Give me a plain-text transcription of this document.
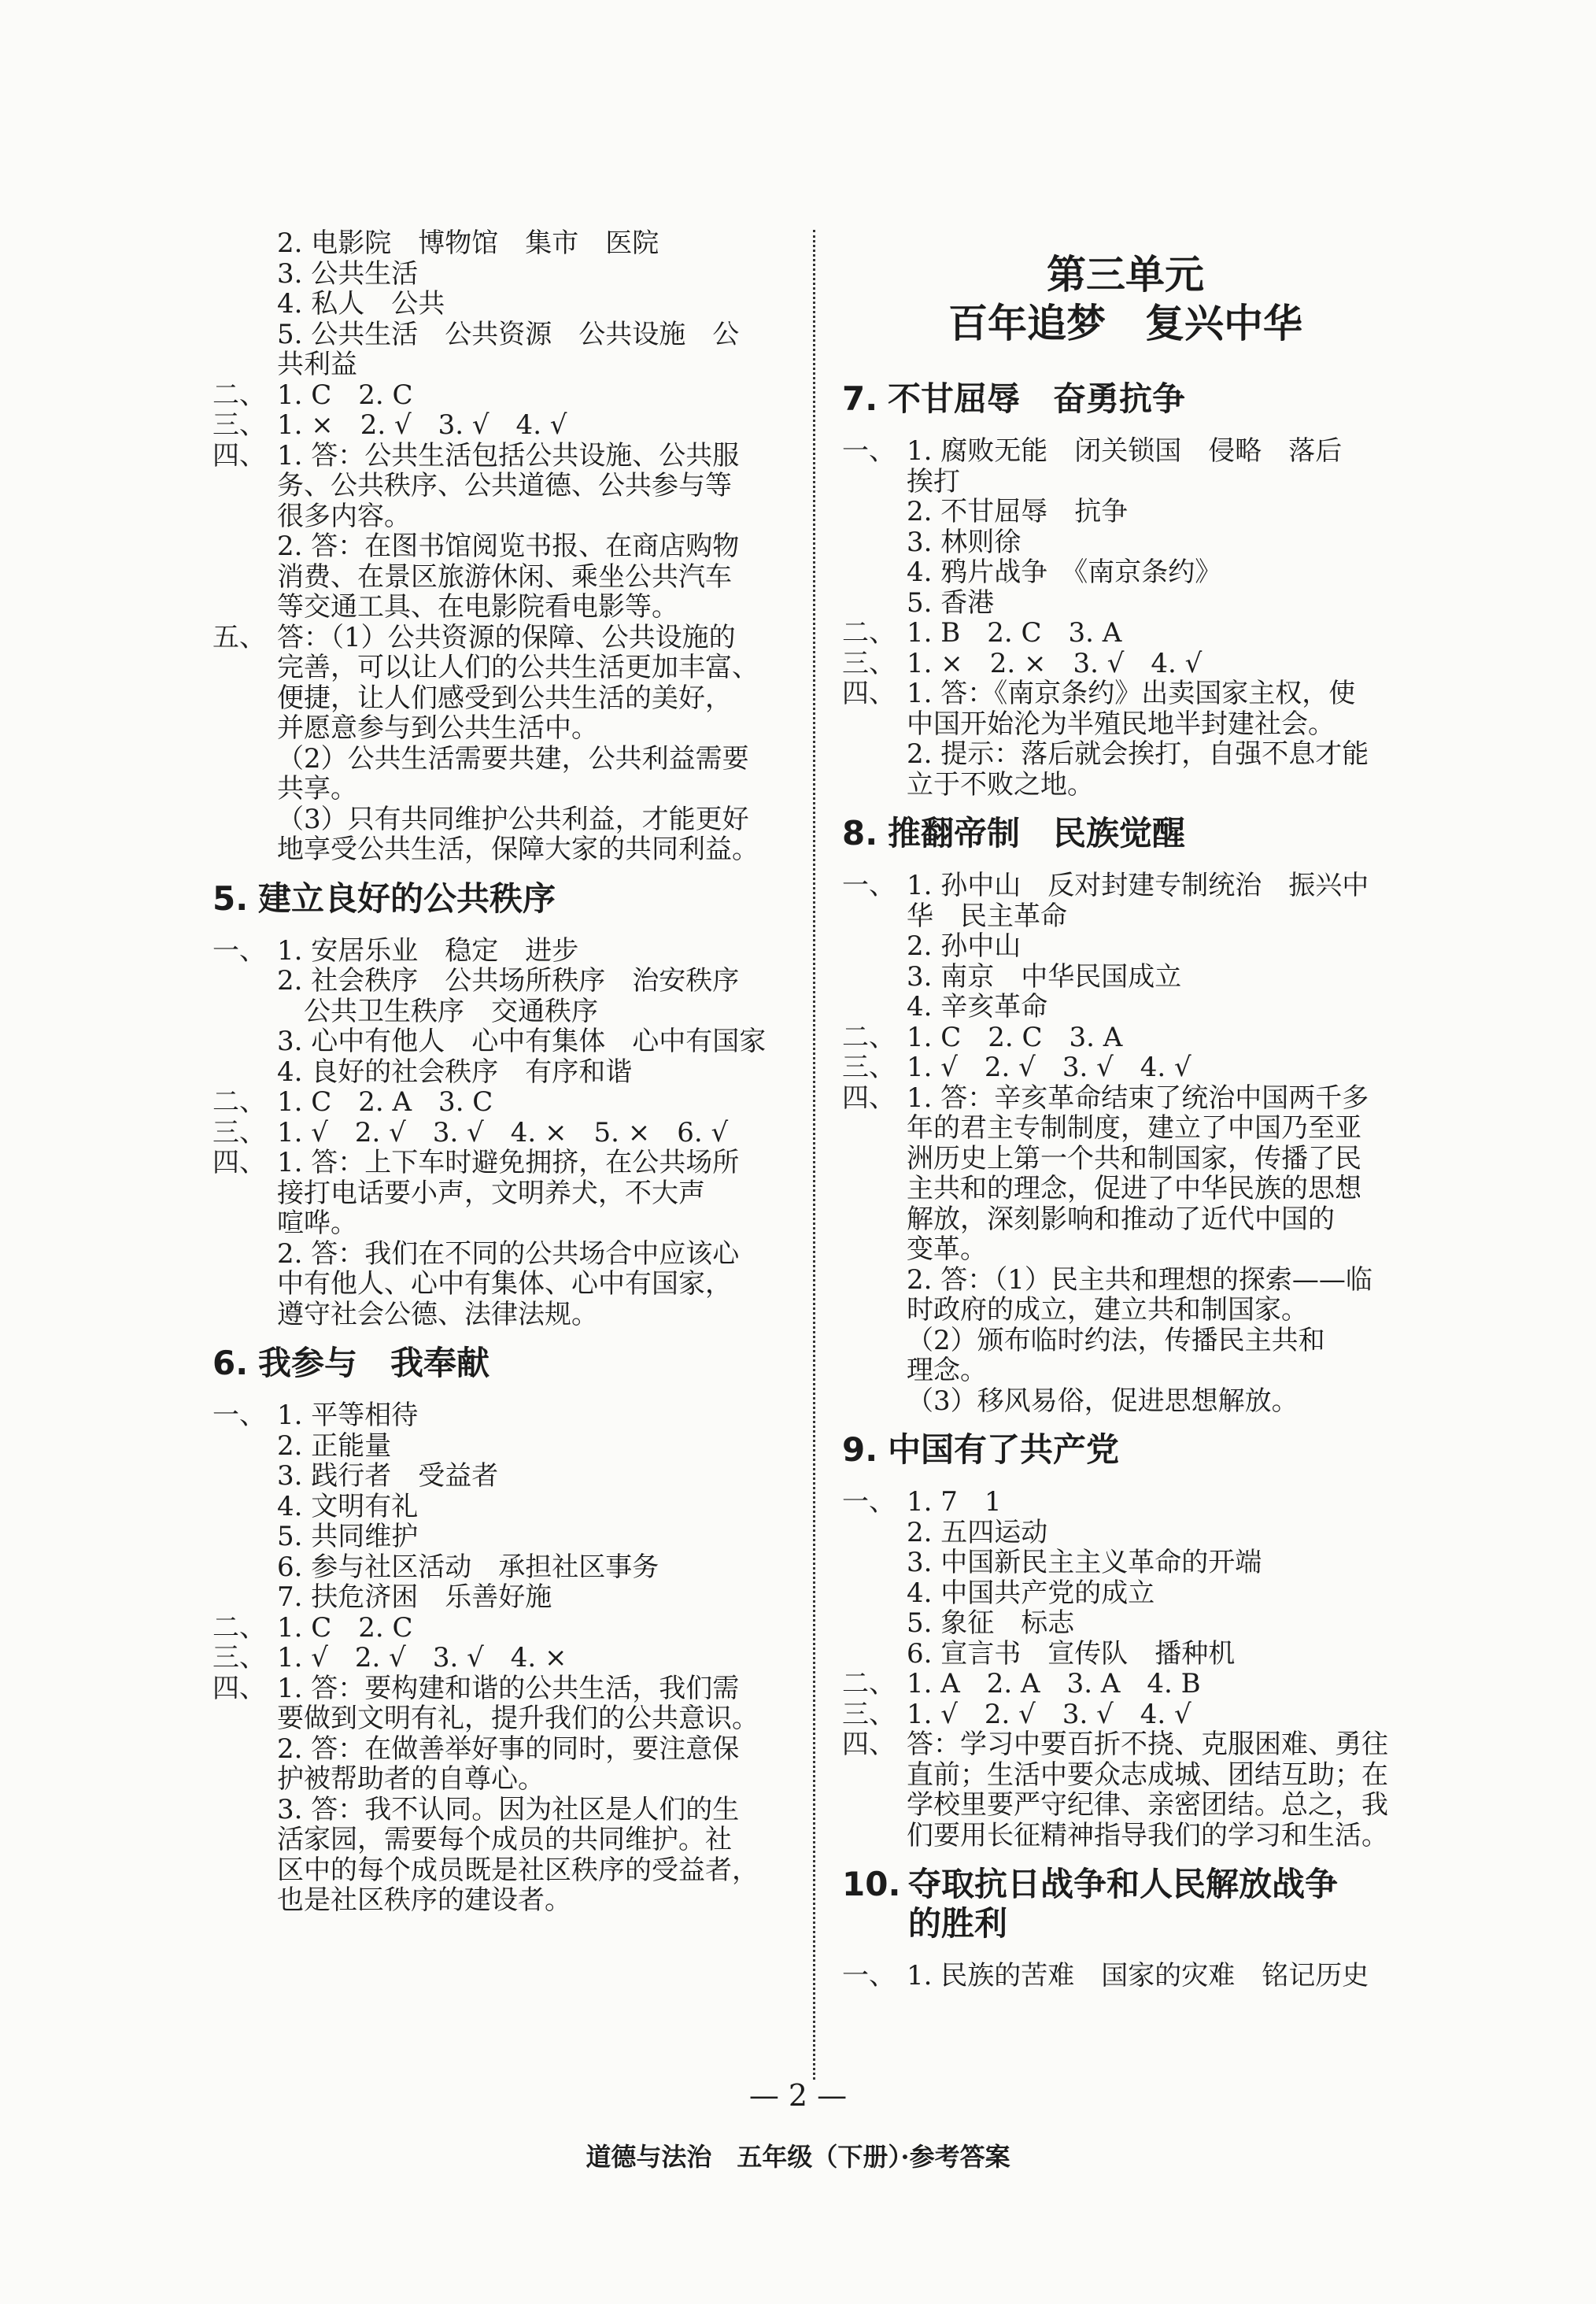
2. 电影院　博物馆　集市　医院
3. 公共生活
4. 私人　公共
5. 公共生活　公共资源　公共设施　公
共利益
二、 1. C　2. C
三、 1. ×　2. √　3. √　4. √
四、 1. 答：公共生活包括公共设施、公共服
务、公共秩序、公共道德、公共参与等
很多内容。
2. 答：在图书馆阅览书报、在商店购物
消费、在景区旅游休闲、乘坐公共汽车
等交通工具、在电影院看电影等。
五、 答：（1）公共资源的保障、公共设施的
完善，可以让人们的公共生活更加丰富、
便捷，让人们感受到公共生活的美好，
并愿意参与到公共生活中。
（2）公共生活需要共建，公共利益需要
共享。
（3）只有共同维护公共利益，才能更好
地享受公共生活，保障大家的共同利益。
5. 建立良好的公共秩序
一、 1. 安居乐业　稳定　进步
2. 社会秩序　公共场所秩序　治安秩序
公共卫生秩序　交通秩序
3. 心中有他人　心中有集体　心中有国家
4. 良好的社会秩序　有序和谐
二、 1. C　2. A　3. C
三、 1. √　2. √　3. √　4. ×　5. ×　6. √
四、 1. 答：上下车时避免拥挤，在公共场所
接打电话要小声，文明养犬，不大声
喧哗。
2. 答：我们在不同的公共场合中应该心
中有他人、心中有集体、心中有国家，
遵守社会公德、法律法规。
6. 我参与　我奉献
一、 1. 平等相待
2. 正能量
3. 践行者　受益者
4. 文明有礼
5. 共同维护
6. 参与社区活动　承担社区事务
7. 扶危济困　乐善好施
二、 1. C　2. C
三、 1. √　2. √　3. √　4. ×
四、 1. 答：要构建和谐的公共生活，我们需
要做到文明有礼，提升我们的公共意识。
2. 答：在做善举好事的同时，要注意保
护被帮助者的自尊心。
3. 答：我不认同。因为社区是人们的生
活家园，需要每个成员的共同维护。社
区中的每个成员既是社区秩序的受益者，
也是社区秩序的建设者。
第三单元
百年追梦　复兴中华
7. 不甘屈辱　奋勇抗争
一、 1. 腐败无能　闭关锁国　侵略　落后
挨打
2. 不甘屈辱　抗争
3. 林则徐
4. 鸦片战争　《南京条约》
5. 香港
二、 1. B　2. C　3. A
三、 1. ×　2. ×　3. √　4. √
四、 1. 答：《南京条约》出卖国家主权，使
中国开始沦为半殖民地半封建社会。
2. 提示：落后就会挨打，自强不息才能
立于不败之地。
8. 推翻帝制　民族觉醒
一、 1. 孙中山　反对封建专制统治　振兴中
华　民主革命
2. 孙中山
3. 南京　中华民国成立
4. 辛亥革命
二、 1. C　2. C　3. A
三、 1. √　2. √　3. √　4. √
四、 1. 答：辛亥革命结束了统治中国两千多
年的君主专制制度，建立了中国乃至亚
洲历史上第一个共和制国家，传播了民
主共和的理念，促进了中华民族的思想
解放，深刻影响和推动了近代中国的
变革。
2. 答：（1）民主共和理想的探索——临
时政府的成立，建立共和制国家。
（2）颁布临时约法，传播民主共和
理念。
（3）移风易俗，促进思想解放。
9. 中国有了共产党
一、 1. 7　1
2. 五四运动
3. 中国新民主主义革命的开端
4. 中国共产党的成立
5. 象征　标志
6. 宣言书　宣传队　播种机
二、 1. A　2. A　3. A　4. B
三、 1. √　2. √　3. √　4. √
四、 答：学习中要百折不挠、克服困难、勇往
直前；生活中要众志成城、团结互助；在
学校里要严守纪律、亲密团结。总之，我
们要用长征精神指导我们的学习和生活。
10. 夺取抗日战争和人民解放战争
的胜利
一、 1. 民族的苦难　国家的灾难　铭记历史
— 2 —
道德与法治　五年级（下册）·参考答案
